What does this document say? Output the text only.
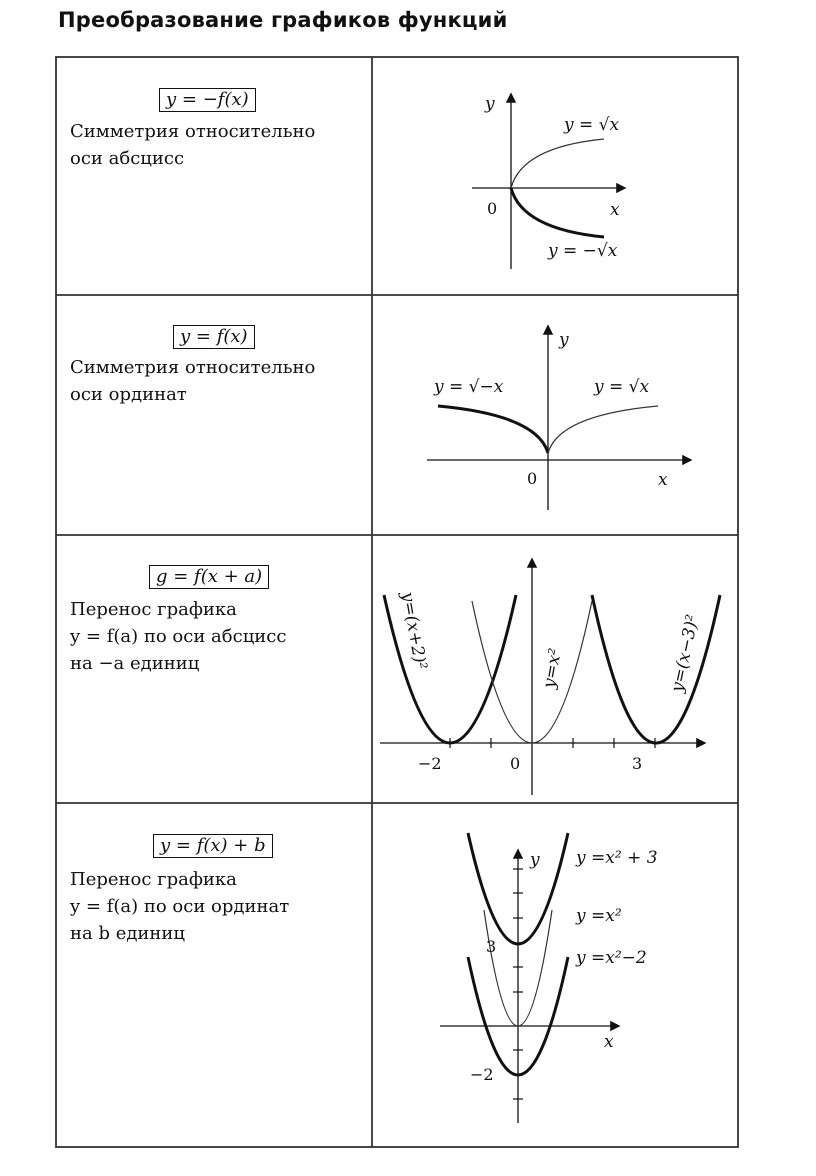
Преобразование графиков функций
y = −f(x)
Симметрия относительно
оси абсцисс
y
x
0
y = √x
y = −√x
y = f(x)
Симметрия относительно
оси ординат
y
x
0
y = √−x	y = √x
g = f(x + a)
Перенос графика
y = f(a) по оси абсцисс
на −a единиц
−2	0	3
y=(x+2)²	y=x²	y=(x−3)²
y = f(x) + b
Перенос графика
y = f(a) по оси ординат
на b единиц
y
x
3
−2
y =x² + 3
y =x²
y =x²−2
